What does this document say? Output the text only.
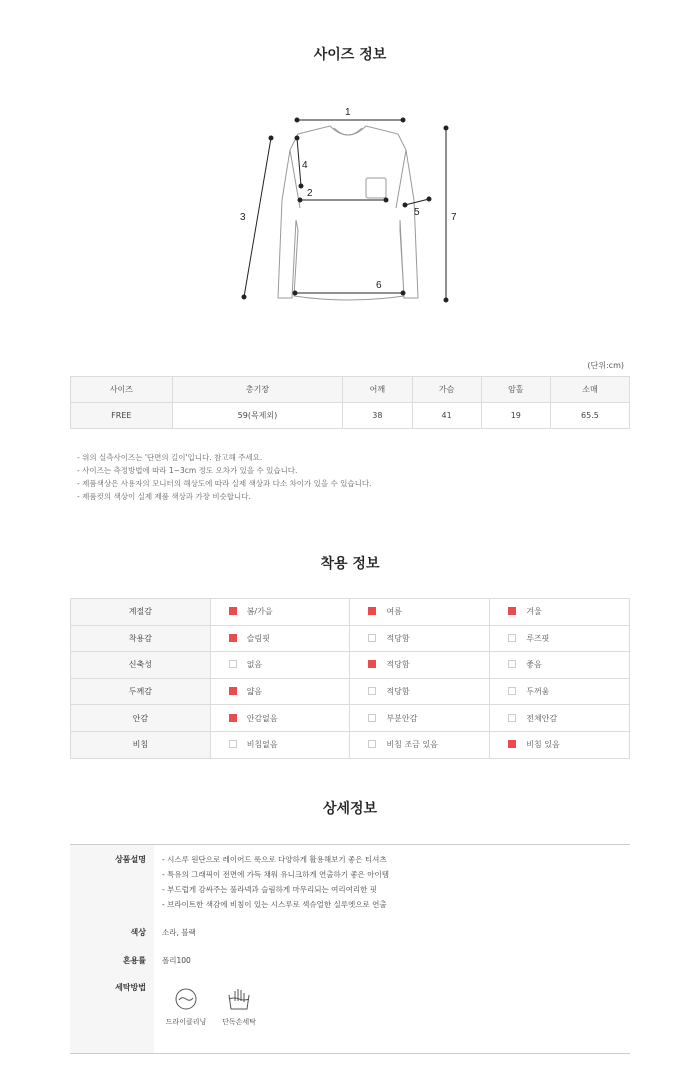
사이즈 정보
1
2
3
4
5
6
7
(단위:cm)
사이즈	총기장	어깨	가슴	암홀	소매
FREE	59(목제외)	38	41	19	65.5
- 위의 실측사이즈는 '단면의 길이'입니다. 참고해 주세요.
- 사이즈는 측정방법에 따라 1~3cm 정도 오차가 있을 수 있습니다.
- 제품색상은 사용자의 모니터의 해상도에 따라 실제 색상과 다소 차이가 있을 수 있습니다.
- 제품컷의 색상이 실제 제품 색상과 가장 비슷합니다.
착용 정보
계절감	봄/가을	여름	겨울
착용감	슬림핏	적당함	루즈핏
신축성	없음	적당함	좋음
두께감	얇음	적당함	두꺼움
안감	안감없음	부분안감	전체안감
비침	비침없음	비침 조금 있음	비침 있음
상세정보
상품설명 - 시스루 원단으로 레이어드 룩으로 다양하게 활용해보기 좋은 티셔츠
- 특유의 그래픽이 전면에 가득 채워 유니크하게 연출하기 좋은 아이템
- 부드럽게 감싸주는 풀라넥과 슬림하게 마무리되는 여리여리한 핏
- 브라이트한 색감에 비침이 있는 시스루로 섹슈얼한 실루엣으로 연출
색상 소라, 블랙
혼용률 폴리100
세탁방법
드라이클리닝	단독손세탁
